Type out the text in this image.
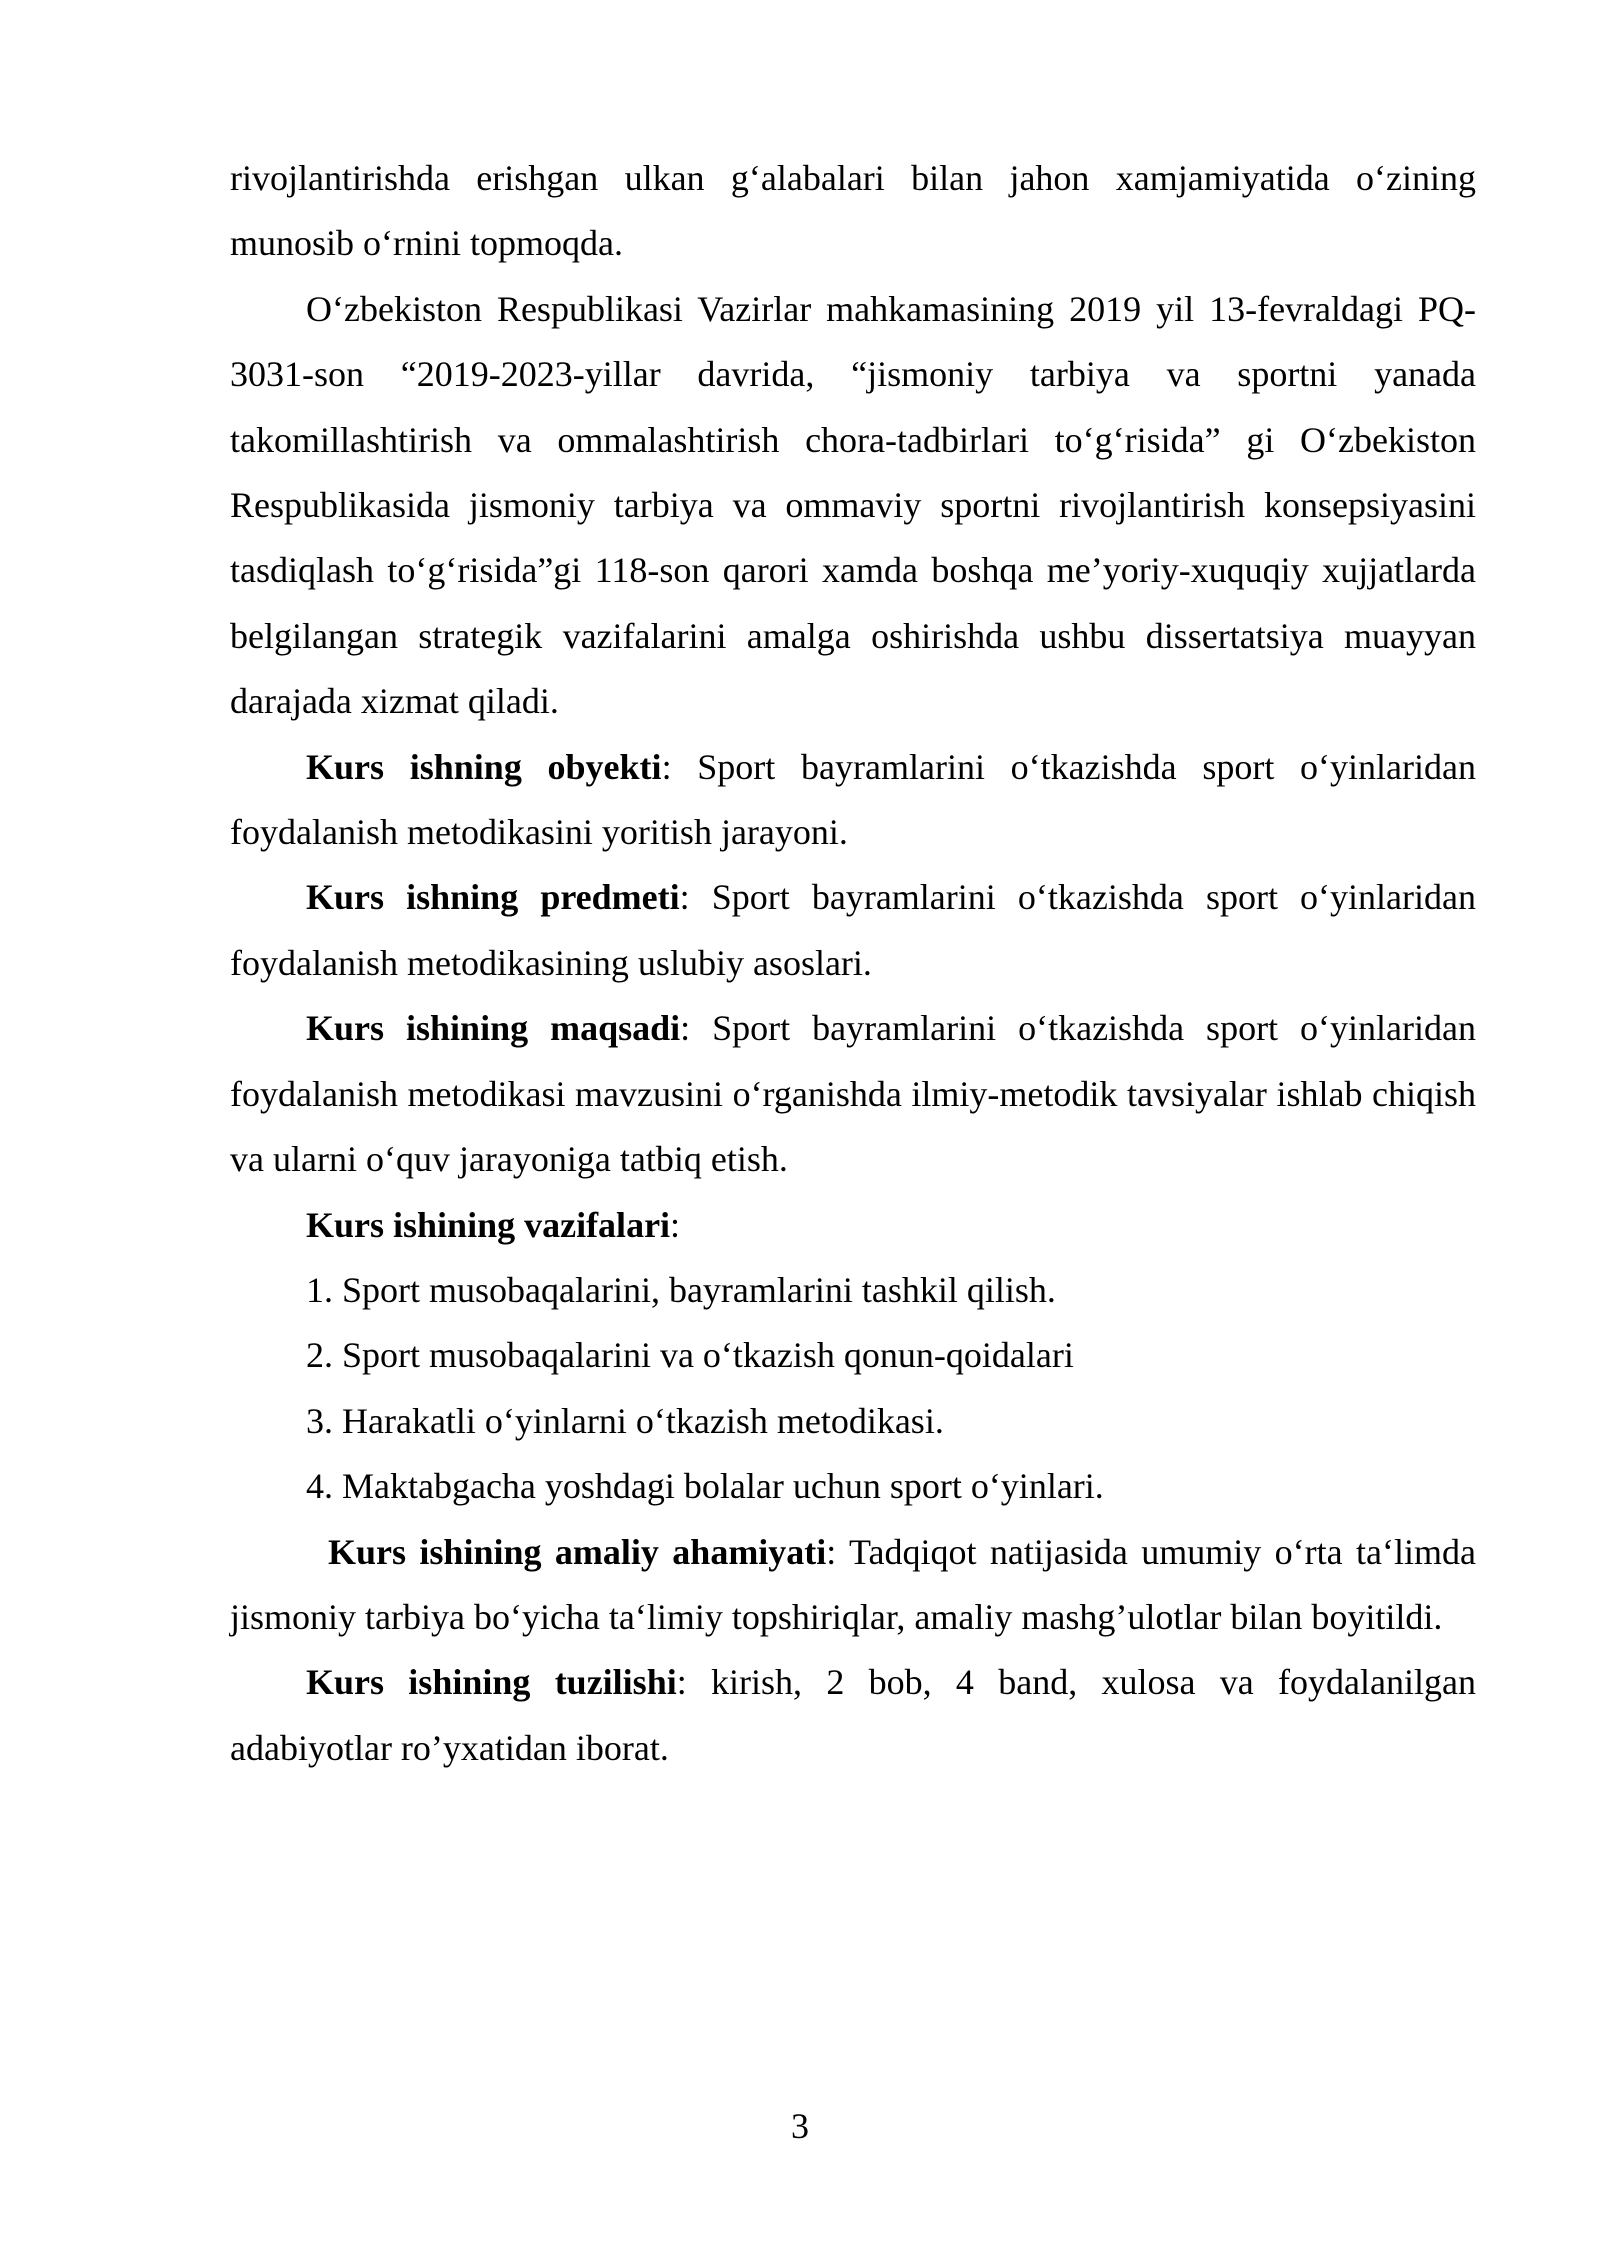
rivojlantirishda erishgan ulkan g‘alabalari bilan jahon xamjamiyatida o‘zining munosib o‘rnini topmoqda.

O‘zbekiston Respublikasi Vazirlar mahkamasining 2019 yil 13-fevraldagi PQ-3031-son “2019-2023-yillar davrida, “jismoniy tarbiya va sportni yanada takomillashtirish va ommalashtirish chora-tadbirlari to‘g‘risida” gi O‘zbekiston Respublikasida jismoniy tarbiya va ommaviy sportni rivojlantirish konsepsiyasini tasdiqlash to‘g‘risida”gi 118-son qarori xamda boshqa me’yoriy-xuquqiy xujjatlarda belgilangan strategik vazifalarini amalga oshirishda ushbu dissertatsiya muayyan darajada xizmat qiladi.

Kurs ishning obyekti: Sport bayramlarini o‘tkazishda sport o‘yinlaridan foydalanish metodikasini yoritish jarayoni.

Kurs ishning predmeti: Sport bayramlarini o‘tkazishda sport o‘yinlaridan foydalanish metodikasining uslubiy asoslari.

Kurs ishining maqsadi: Sport bayramlarini o‘tkazishda sport o‘yinlaridan foydalanish metodikasi mavzusini o‘rganishda ilmiy-metodik tavsiyalar ishlab chiqish va ularni o‘quv jarayoniga tatbiq etish.

Kurs ishining vazifalari:

1. Sport musobaqalarini, bayramlarini tashkil qilish.

2. Sport musobaqalarini va o‘tkazish qonun-qoidalari

3. Harakatli o‘yinlarni o‘tkazish metodikasi.

4. Maktabgacha yoshdagi bolalar uchun sport o‘yinlari.

Kurs ishining amaliy ahamiyati: Tadqiqot natijasida umumiy o‘rta ta‘limda jismoniy tarbiya bo‘yicha ta‘limiy topshiriqlar, amaliy mashg’ulotlar bilan boyitildi.

Kurs ishining tuzilishi: kirish, 2 bob, 4 band, xulosa va foydalanilgan adabiyotlar ro’yxatidan iborat.

3
